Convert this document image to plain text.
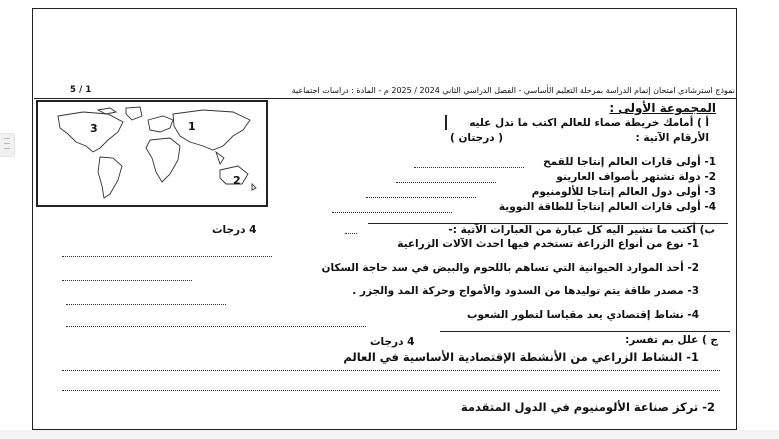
5 / 1	نموذج استرشادي امتحان إتمام الدراسة بمرحلة التعليم الأساسي - الفصل الدراسي الثاني 2024 / 2025 م - المادة : دراسات اجتماعية
3	1
2
المجموعة الأولى :
أ ) أمامك خريطة صماء للعالم اكتب ما تدل عليه
الأرقام الآتية :
( درجتان )
1- أولى قارات العالم إنتاجا للقمح
2- دولة تشتهر بأصواف العارينو
3- أولى دول العالم إنتاجا للألومنيوم
4- أولى قارات العالم إنتاجاً للطاقة النووية
ب) أكتب ما تشير اليه كل عبارة من العبارات الآتية :-
4 درجات
1- نوع من أنواع الزراعة تستخدم فيها احدث الآلات الزراعية
2- أحد الموارد الحيوانية التي تساهم باللحوم والبيض في سد حاجة السكان
3- مصدر طاقة يتم توليدها من السدود والأمواج وحركة المد والجزر .
4- نشاط إقتصادي يعد مقياسا لتطور الشعوب
ج ) علل بم تفسر:
4 درجات
1- النشاط الزراعي من الأنشطة الإقتصادية الأساسية في العالم
2- تركز صناعة الألومنيوم في الدول المتقدمة
